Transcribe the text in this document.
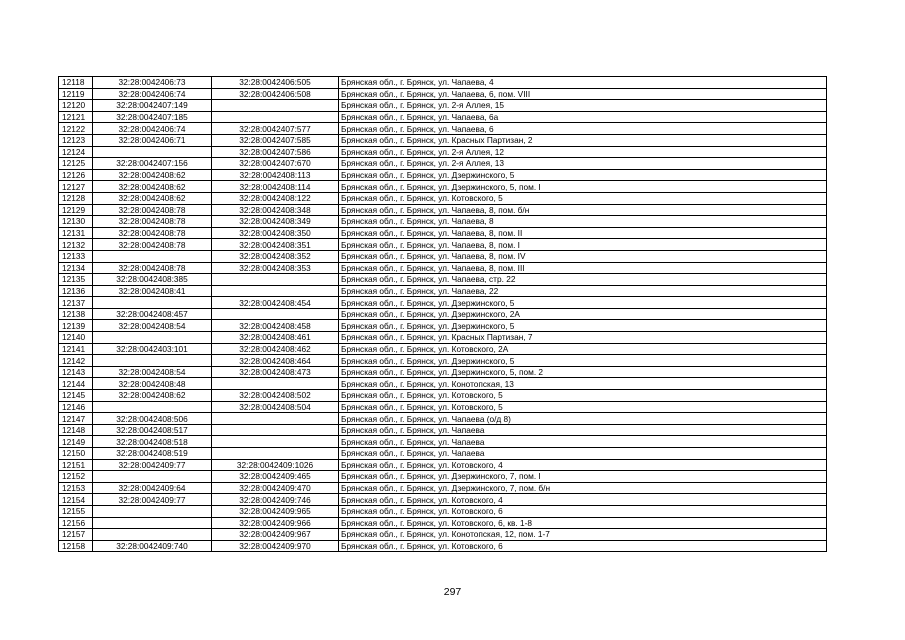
12118	32:28:0042406:73	32:28:0042406:505	Брянская обл., г. Брянск, ул. Чапаева, 4
12119	32:28:0042406:74	32:28:0042406:508	Брянская обл., г. Брянск, ул. Чапаева, 6, пом. VIII
12120	32:28:0042407:149		Брянская обл., г. Брянск, ул. 2-я Аллея, 15
12121	32:28:0042407:185		Брянская обл., г. Брянск, ул. Чапаева, 6а
12122	32:28:0042406:74	32:28:0042407:577	Брянская обл., г. Брянск, ул. Чапаева, 6
12123	32:28:0042406:71	32:28:0042407:585	Брянская обл., г. Брянск, ул. Красных Партизан, 2
12124		32:28:0042407:586	Брянская обл., г. Брянск, ул. 2-я Аллея, 12
12125	32:28:0042407:156	32:28:0042407:670	Брянская обл., г. Брянск, ул. 2-я Аллея, 13
12126	32:28:0042408:62	32:28:0042408:113	Брянская обл., г. Брянск, ул. Дзержинского, 5
12127	32:28:0042408:62	32:28:0042408:114	Брянская обл., г. Брянск, ул. Дзержинского, 5, пом. I
12128	32:28:0042408:62	32:28:0042408:122	Брянская обл., г. Брянск, ул. Котовского, 5
12129	32:28:0042408:78	32:28:0042408:348	Брянская обл., г. Брянск, ул. Чапаева, 8, пом. б/н
12130	32:28:0042408:78	32:28:0042408:349	Брянская обл., г. Брянск, ул. Чапаева, 8
12131	32:28:0042408:78	32:28:0042408:350	Брянская обл., г. Брянск, ул. Чапаева, 8, пом. II
12132	32:28:0042408:78	32:28:0042408:351	Брянская обл., г. Брянск, ул. Чапаева, 8, пом. I
12133		32:28:0042408:352	Брянская обл., г. Брянск, ул. Чапаева, 8, пом. IV
12134	32:28:0042408:78	32:28:0042408:353	Брянская обл., г. Брянск, ул. Чапаева, 8, пом. III
12135	32:28:0042408:385		Брянская обл., г. Брянск, ул. Чапаева, стр. 22
12136	32:28:0042408:41		Брянская обл., г. Брянск, ул. Чапаева, 22
12137		32:28:0042408:454	Брянская обл., г. Брянск, ул. Дзержинского, 5
12138	32:28:0042408:457		Брянская обл., г. Брянск, ул. Дзержинского, 2А
12139	32:28:0042408:54	32:28:0042408:458	Брянская обл., г. Брянск, ул. Дзержинского, 5
12140		32:28:0042408:461	Брянская обл., г. Брянск, ул. Красных Партизан, 7
12141	32:28:0042403:101	32:28:0042408:462	Брянская обл., г. Брянск, ул. Котовского, 2А
12142		32:28:0042408:464	Брянская обл., г. Брянск, ул. Дзержинского, 5
12143	32:28:0042408:54	32:28:0042408:473	Брянская обл., г. Брянск, ул. Дзержинского, 5, пом. 2
12144	32:28:0042408:48		Брянская обл., г. Брянск, ул. Конотопская, 13
12145	32:28:0042408:62	32:28:0042408:502	Брянская обл., г. Брянск, ул. Котовского, 5
12146		32:28:0042408:504	Брянская обл., г. Брянск, ул. Котовского, 5
12147	32:28:0042408:506		Брянская обл., г. Брянск, ул. Чапаева (о/д 8)
12148	32:28:0042408:517		Брянская обл., г. Брянск, ул. Чапаева
12149	32:28:0042408:518		Брянская обл., г. Брянск, ул. Чапаева
12150	32:28:0042408:519		Брянская обл., г. Брянск, ул. Чапаева
12151	32:28:0042409:77	32:28:0042409:1026	Брянская обл., г. Брянск, ул. Котовского, 4
12152		32:28:0042409:465	Брянская обл., г. Брянск, ул. Дзержинского, 7, пом. I
12153	32:28:0042409:64	32:28:0042409:470	Брянская обл., г. Брянск, ул. Дзержинского, 7, пом. б/н
12154	32:28:0042409:77	32:28:0042409:746	Брянская обл., г. Брянск, ул. Котовского, 4
12155		32:28:0042409:965	Брянская обл., г. Брянск, ул. Котовского, 6
12156		32:28:0042409:966	Брянская обл., г. Брянск, ул. Котовского, 6, кв. 1-8
12157		32:28:0042409:967	Брянская обл., г. Брянск, ул. Конотопская, 12, пом. 1-7
12158	32:28:0042409:740	32:28:0042409:970	Брянская обл., г. Брянск, ул. Котовского, 6
297
